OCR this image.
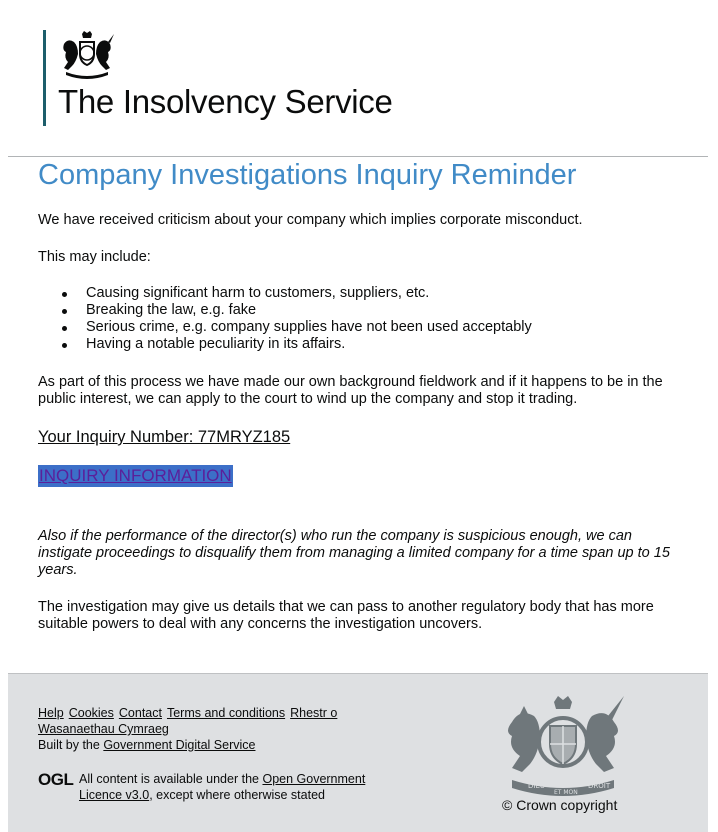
The Insolvency Service
Company Investigations Inquiry Reminder
We have received criticism about your company which implies corporate misconduct.
This may include:
Causing significant harm to customers, suppliers, etc.
Breaking the law, e.g. fake
Serious crime, e.g. company supplies have not been used acceptably
Having a notable peculiarity in its affairs.
As part of this process we have made our own background fieldwork and if it happens to be in the public interest, we can apply to the court to wind up the company and stop it trading.
Your Inquiry Number: 77MRYZ185
INQUIRY INFORMATION
Also if the performance of the director(s) who run the company is suspicious enough, we can instigate proceedings to disqualify them from managing a limited company for a time span up to 15 years.
The investigation may give us details that we can pass to another regulatory body that has more suitable powers to deal with any concerns the investigation uncovers.
Help Cookies Contact Terms and conditions Rhestr o Wasanaethau Cymraeg
Built by the Government Digital Service
OGL All content is available under the Open Government Licence v3.0, except where otherwise stated
DIEU	DROIT
ET MON
© Crown copyright
